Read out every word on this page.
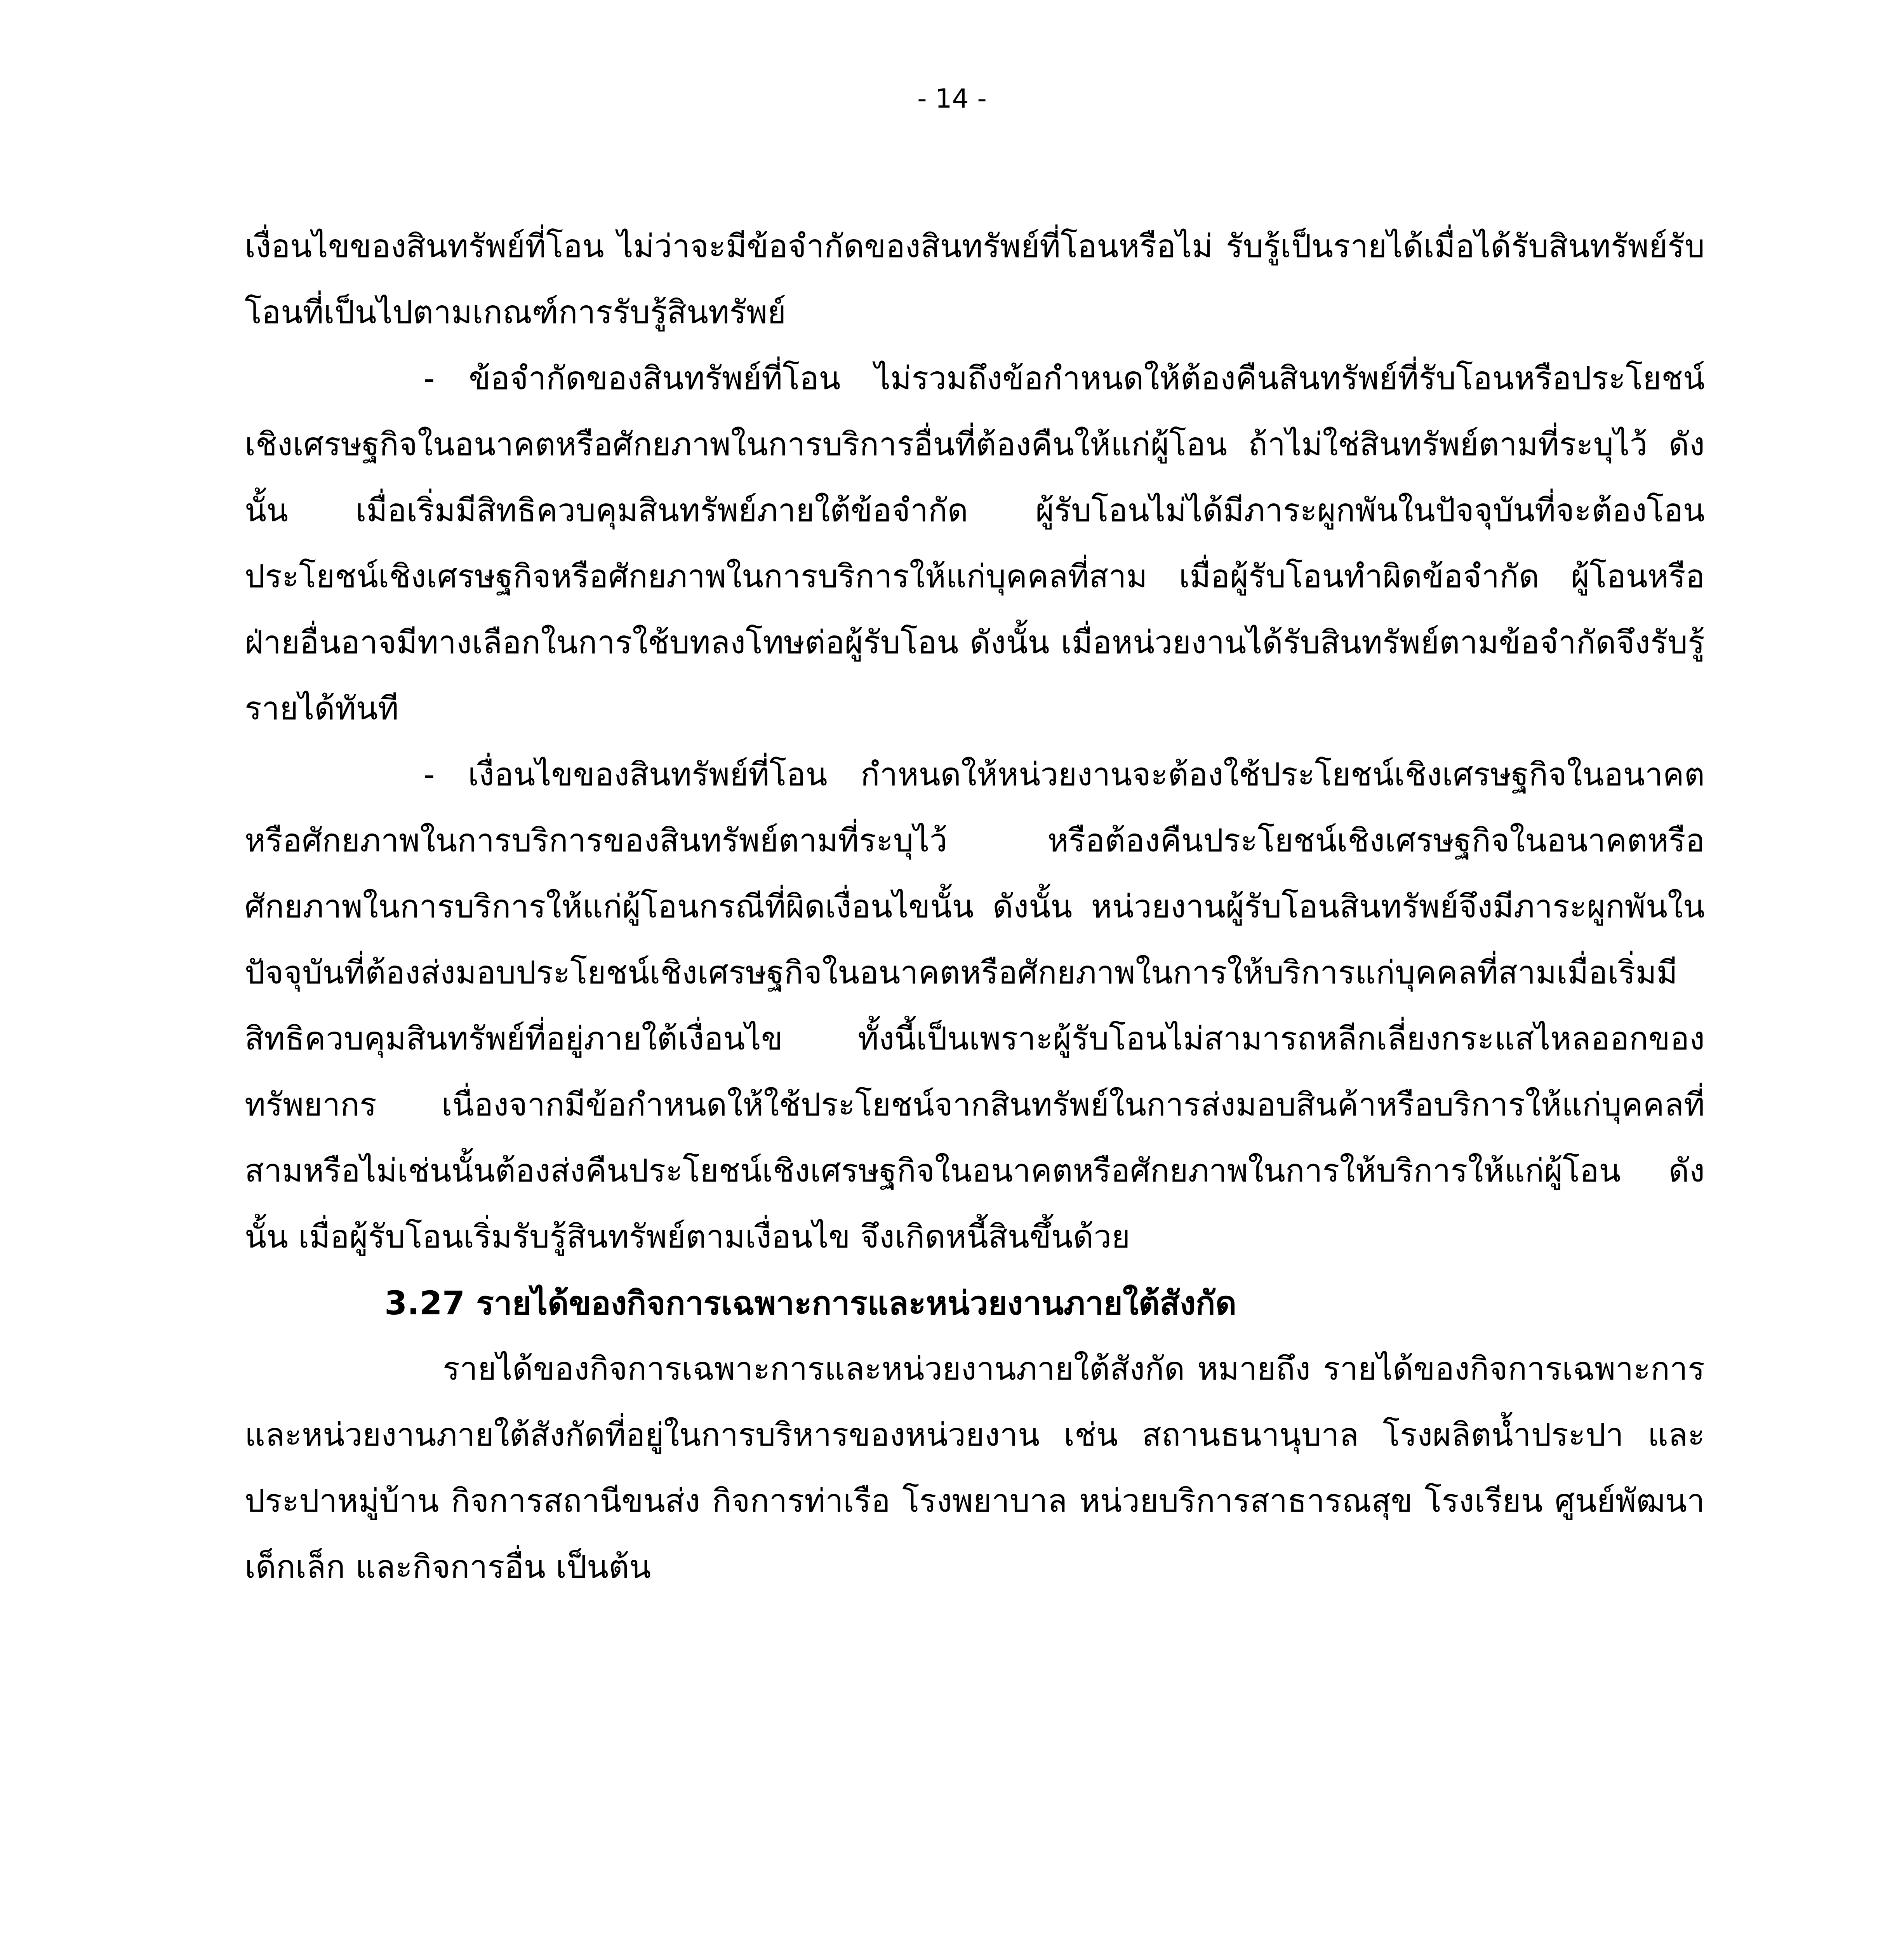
- 14 -

เงื่อนไขของสินทรัพย์ที่โอน ไม่ว่าจะมีข้อจำกัดของสินทรัพย์ที่โอนหรือไม่ รับรู้เป็นรายได้เมื่อได้รับสินทรัพย์รับโอนที่เป็นไปตามเกณฑ์การรับรู้สินทรัพย์

- ข้อจำกัดของสินทรัพย์ที่โอน ไม่รวมถึงข้อกำหนดให้ต้องคืนสินทรัพย์ที่รับโอนหรือประโยชน์เชิงเศรษฐกิจในอนาคตหรือศักยภาพในการบริการอื่นที่ต้องคืนให้แก่ผู้โอน ถ้าไม่ใช่สินทรัพย์ตามที่ระบุไว้ ดังนั้น เมื่อเริ่มมีสิทธิควบคุมสินทรัพย์ภายใต้ข้อจำกัด ผู้รับโอนไม่ได้มีภาระผูกพันในปัจจุบันที่จะต้องโอนประโยชน์เชิงเศรษฐกิจหรือศักยภาพในการบริการให้แก่บุคคลที่สาม เมื่อผู้รับโอนทำผิดข้อจำกัด ผู้โอนหรือฝ่ายอื่นอาจมีทางเลือกในการใช้บทลงโทษต่อผู้รับโอน ดังนั้น เมื่อหน่วยงานได้รับสินทรัพย์ตามข้อจำกัดจึงรับรู้รายได้ทันที

- เงื่อนไขของสินทรัพย์ที่โอน กำหนดให้หน่วยงานจะต้องใช้ประโยชน์เชิงเศรษฐกิจในอนาคตหรือศักยภาพในการบริการของสินทรัพย์ตามที่ระบุไว้ หรือต้องคืนประโยชน์เชิงเศรษฐกิจในอนาคตหรือศักยภาพในการบริการให้แก่ผู้โอนกรณีที่ผิดเงื่อนไขนั้น ดังนั้น หน่วยงานผู้รับโอนสินทรัพย์จึงมีภาระผูกพันในปัจจุบันที่ต้องส่งมอบประโยชน์เชิงเศรษฐกิจในอนาคตหรือศักยภาพในการให้บริการแก่บุคคลที่สามเมื่อเริ่มมีสิทธิควบคุมสินทรัพย์ที่อยู่ภายใต้เงื่อนไข ทั้งนี้เป็นเพราะผู้รับโอนไม่สามารถหลีกเลี่ยงกระแสไหลออกของทรัพยากร เนื่องจากมีข้อกำหนดให้ใช้ประโยชน์จากสินทรัพย์ในการส่งมอบสินค้าหรือบริการให้แก่บุคคลที่สามหรือไม่เช่นนั้นต้องส่งคืนประโยชน์เชิงเศรษฐกิจในอนาคตหรือศักยภาพในการให้บริการให้แก่ผู้โอน ดังนั้น เมื่อผู้รับโอนเริ่มรับรู้สินทรัพย์ตามเงื่อนไข จึงเกิดหนี้สินขึ้นด้วย

3.27 รายได้ของกิจการเฉพาะการและหน่วยงานภายใต้สังกัด

รายได้ของกิจการเฉพาะการและหน่วยงานภายใต้สังกัด หมายถึง รายได้ของกิจการเฉพาะการและหน่วยงานภายใต้สังกัดที่อยู่ในการบริหารของหน่วยงาน เช่น สถานธนานุบาล โรงผลิตน้ำประปา และประปาหมู่บ้าน กิจการสถานีขนส่ง กิจการท่าเรือ โรงพยาบาล หน่วยบริการสาธารณสุข โรงเรียน ศูนย์พัฒนาเด็กเล็ก และกิจการอื่น เป็นต้น
